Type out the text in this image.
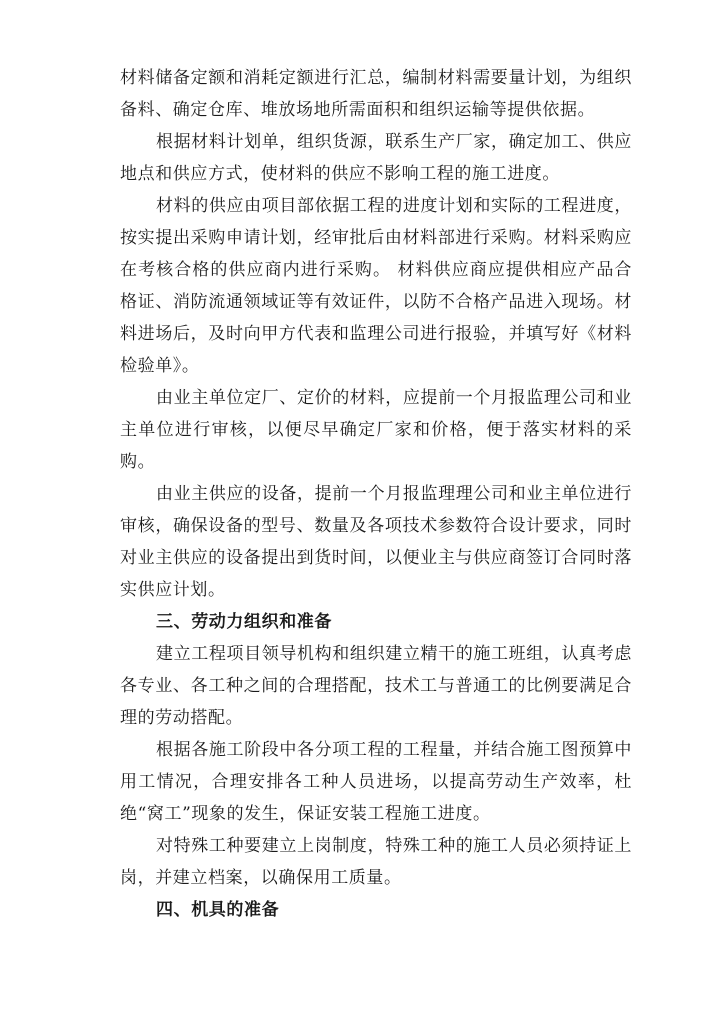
材料储备定额和消耗定额进行汇总，编制材料需要量计划，为组织备料、确定仓库、堆放场地所需面积和组织运输等提供依据。

根据材料计划单，组织货源，联系生产厂家，确定加工、供应地点和供应方式，使材料的供应不影响工程的施工进度。

材料的供应由项目部依据工程的进度计划和实际的工程进度，按实提出采购申请计划，经审批后由材料部进行采购。材料采购应在考核合格的供应商内进行采购。 材料供应商应提供相应产品合格证、消防流通领域证等有效证件，以防不合格产品进入现场。材料进场后，及时向甲方代表和监理公司进行报验，并填写好《材料检验单》。

由业主单位定厂、定价的材料，应提前一个月报监理公司和业主单位进行审核，以便尽早确定厂家和价格，便于落实材料的采购。

由业主供应的设备，提前一个月报监理理公司和业主单位进行审核，确保设备的型号、数量及各项技术参数符合设计要求，同时对业主供应的设备提出到货时间，以便业主与供应商签订合同时落实供应计划。

三、劳动力组织和准备

建立工程项目领导机构和组织建立精干的施工班组，认真考虑各专业、各工种之间的合理搭配，技术工与普通工的比例要满足合理的劳动搭配。

根据各施工阶段中各分项工程的工程量，并结合施工图预算中用工情况，合理安排各工种人员进场，以提高劳动生产效率，杜绝“窝工”现象的发生，保证安装工程施工进度。

对特殊工种要建立上岗制度，特殊工种的施工人员必须持证上岗，并建立档案，以确保用工质量。

四、机具的准备
